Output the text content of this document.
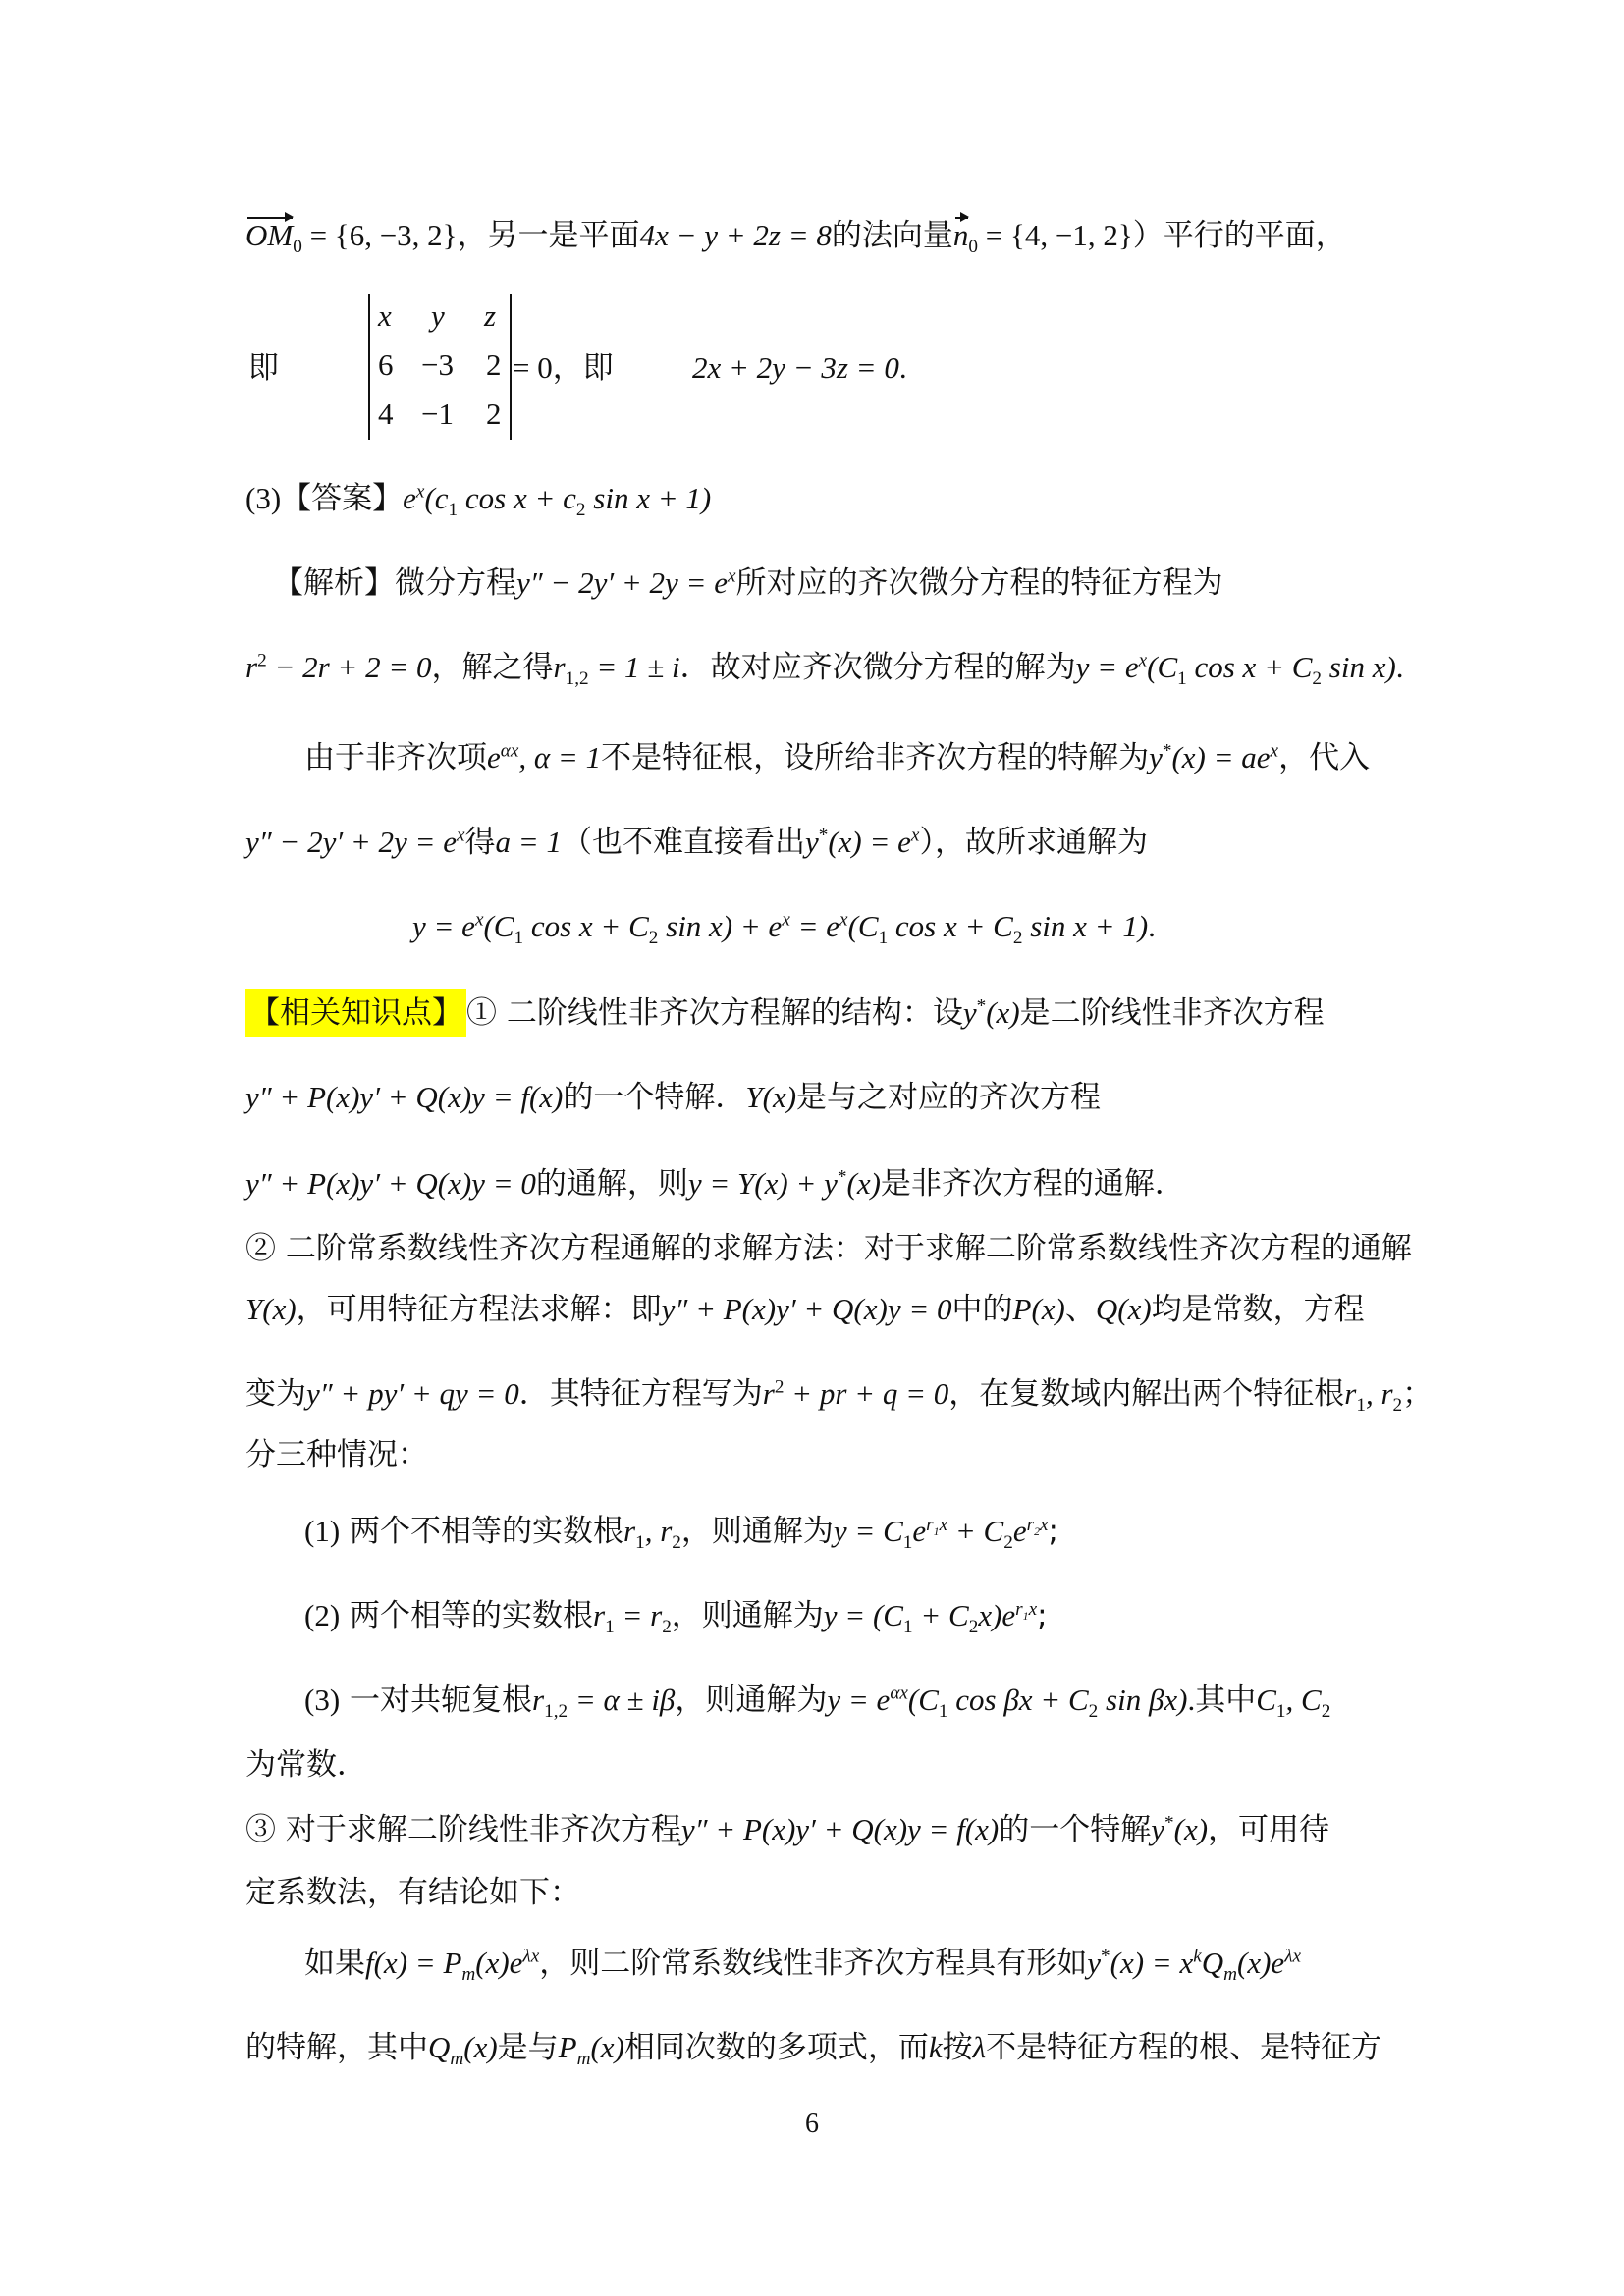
$OM_0 = \{6$, −3, 2}，另一是平面4x − y + 2z = 8的法向量$n_0 = \{4$, −1, 2}）平行的平面，
即
x y z
6 −3 2
4 −1 2
= 0，即	2x + 2y − 3z = 0.
(3)【答案】$e^x(c_1$ $\cos x + c_2$ sin x + 1)
【解析】微分方程$y'' - 2y' + 2y = e^x$所对应的齐次微分方程的特征方程为
$r^2 - 2r + 2 = 0$，解之得$r_{1,2} = 1 \pm i$．故对应齐次微分方程的解为$y = e^x(C_1$ $\cos x + C_2$ sin x).
由于非齐次项$e^{\alpha x}$, α = 1不是特征根，设所给非齐次方程的特解为$y^*(x) = ae^x$，代入
$y'' - 2y' + 2y = e^x$得a = 1（也不难直接看出$y^*(x) = e^x$），故所求通解为
$y = e^x(C_1$ $\cos x + C_2$ $\sin x) + e^x = e^x(C_1$ $\cos x + C_2$ sin x + 1).
【相关知识点】 ① 二阶线性非齐次方程解的结构：设y*(x)是二阶线性非齐次方程
y″ + P(x)y′ + Q(x)y = f(x)的一个特解．Y(x)是与之对应的齐次方程
y″ + P(x)y′ + Q(x)y = 0的通解，则y = Y(x) + y*(x)是非齐次方程的通解．
② 二阶常系数线性齐次方程通解的求解方法：对于求解二阶常系数线性齐次方程的通解
Y(x)，可用特征方程法求解：即y″ + P(x)y′ + Q(x)y = 0中的P(x)、Q(x)均是常数，方程
变为y″ + py′ + qy = 0．其特征方程写为$r^2$ + pr + q = 0，在复数域内解出两个特征根$r_1$, $r_2$；
分三种情况：
(1) 两个不相等的实数根$r_1$, $r_2$，则通解为$y = C_1e^{r_1x} + C_2e^{r_2x}$;
(2) 两个相等的实数根$r_1 = r_2$，则通解为$y = (C_1 + C_2x)e^{r_1x}$;
(3) 一对共轭复根$r_{1,2} = \alpha \pm i\beta$，则通解为$y = e^{\alpha x}(C_1$ $\cos \beta x + C_2$ sin βx).其中$C_1$, $C_2$
为常数．
③ 对于求解二阶线性非齐次方程y″ + P(x)y′ + Q(x)y = f(x)的一个特解y*(x)，可用待
定系数法，有结论如下：
如果$f(x) = P_m(x)e^{\lambda x}$，则二阶常系数线性非齐次方程具有形如$y^*(x) = x^kQ_m(x)e^{\lambda x}$
的特解，其中$Q_m(x)$是与$P_m(x)$相同次数的多项式，而k按λ不是特征方程的根、是特征方
6
